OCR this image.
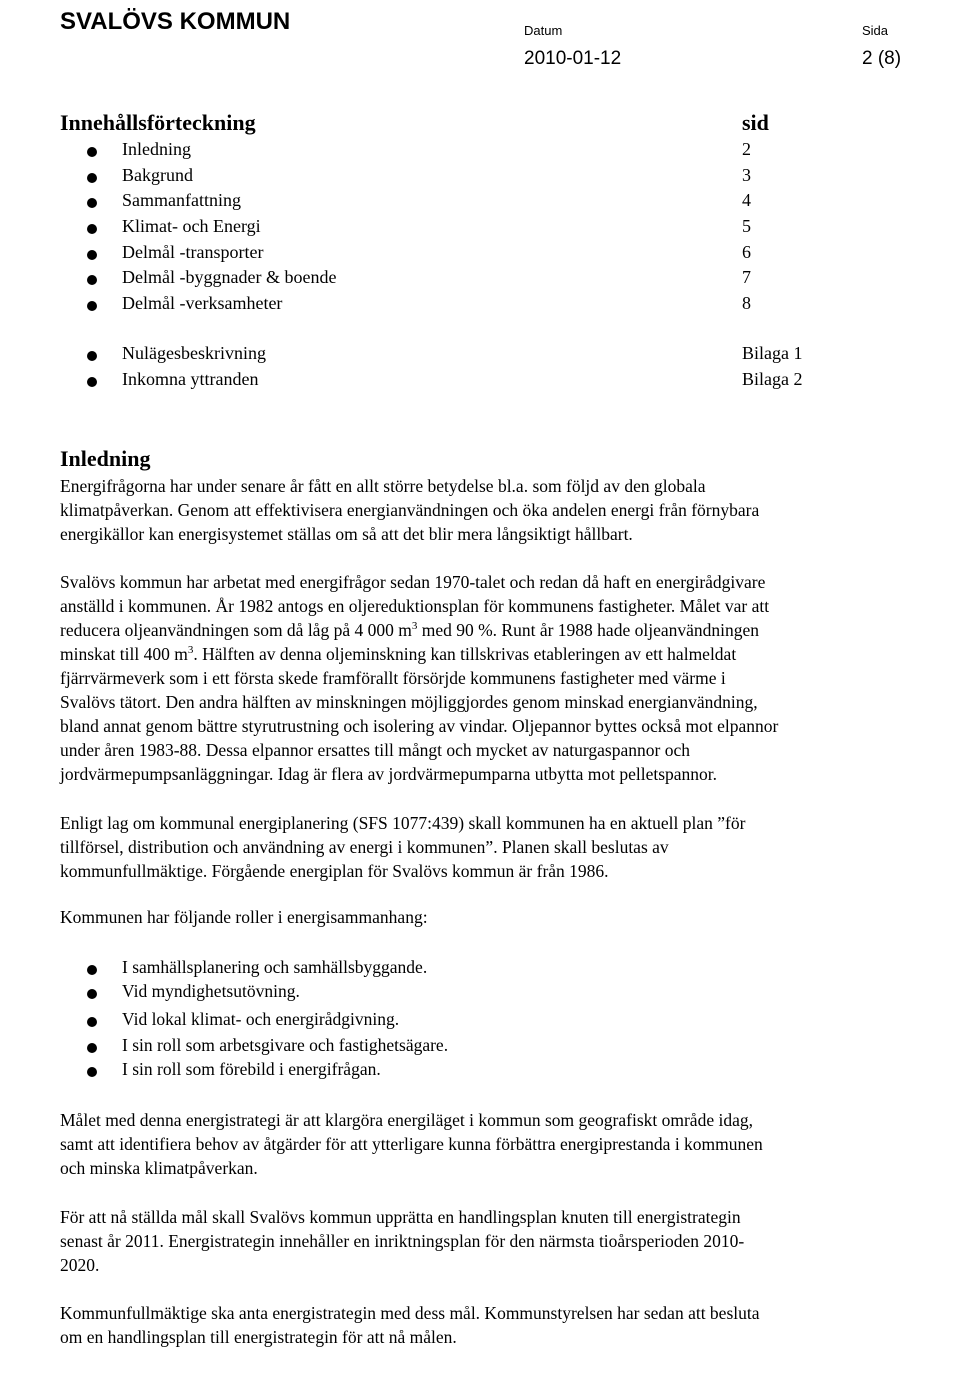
SVALÖVS KOMMUN	Datum	Sida
2010-01-12	2 (8)
Innehållsförteckning	sid
Inledning	2
Bakgrund	3
Sammanfattning	4
Klimat- och Energi	5
Delmål -transporter	6
Delmål -byggnader & boende	7
Delmål -verksamheter	8
Nulägesbeskrivning	Bilaga 1
Inkomna yttranden	Bilaga 2
Inledning
Energifrågorna har under senare år fått en allt större betydelse bl.a. som följd av den globala
klimatpåverkan. Genom att effektivisera energianvändningen och öka andelen energi från förnybara
energikällor kan energisystemet ställas om så att det blir mera långsiktigt hållbart.
Svalövs kommun har arbetat med energifrågor sedan 1970-talet och redan då haft en energirådgivare
anställd i kommunen. År 1982 antogs en oljereduktionsplan för kommunens fastigheter. Målet var att
reducera oljeanvändningen som då låg på 4 000 $m^3$ med 90 %. Runt år 1988 hade oljeanvändningen
minskat till 400 $m^3$. Hälften av denna oljeminskning kan tillskrivas etableringen av ett halmeldat
fjärrvärmeverk som i ett första skede framförallt försörjde kommunens fastigheter med värme i
Svalövs tätort. Den andra hälften av minskningen möjliggjordes genom minskad energianvändning,
bland annat genom bättre styrutrustning och isolering av vindar. Oljepannor byttes också mot elpannor
under åren 1983-88. Dessa elpannor ersattes till mångt och mycket av naturgaspannor och
jordvärmepumpsanläggningar. Idag är flera av jordvärmepumparna utbytta mot pelletspannor.
Enligt lag om kommunal energiplanering (SFS 1077:439) skall kommunen ha en aktuell plan ”för
tillförsel, distribution och användning av energi i kommunen”. Planen skall beslutas av
kommunfullmäktige. Förgående energiplan för Svalövs kommun är från 1986.
Kommunen har följande roller i energisammanhang:
I samhällsplanering och samhällsbyggande.
Vid myndighetsutövning.
Vid lokal klimat- och energirådgivning.
I sin roll som arbetsgivare och fastighetsägare.
I sin roll som förebild i energifrågan.
Målet med denna energistrategi är att klargöra energiläget i kommun som geografiskt område idag,
samt att identifiera behov av åtgärder för att ytterligare kunna förbättra energiprestanda i kommunen
och minska klimatpåverkan.
För att nå ställda mål skall Svalövs kommun upprätta en handlingsplan knuten till energistrategin
senast år 2011. Energistrategin innehåller en inriktningsplan för den närmsta tioårsperioden 2010-
2020.
Kommunfullmäktige ska anta energistrategin med dess mål. Kommunstyrelsen har sedan att besluta
om en handlingsplan till energistrategin för att nå målen.
